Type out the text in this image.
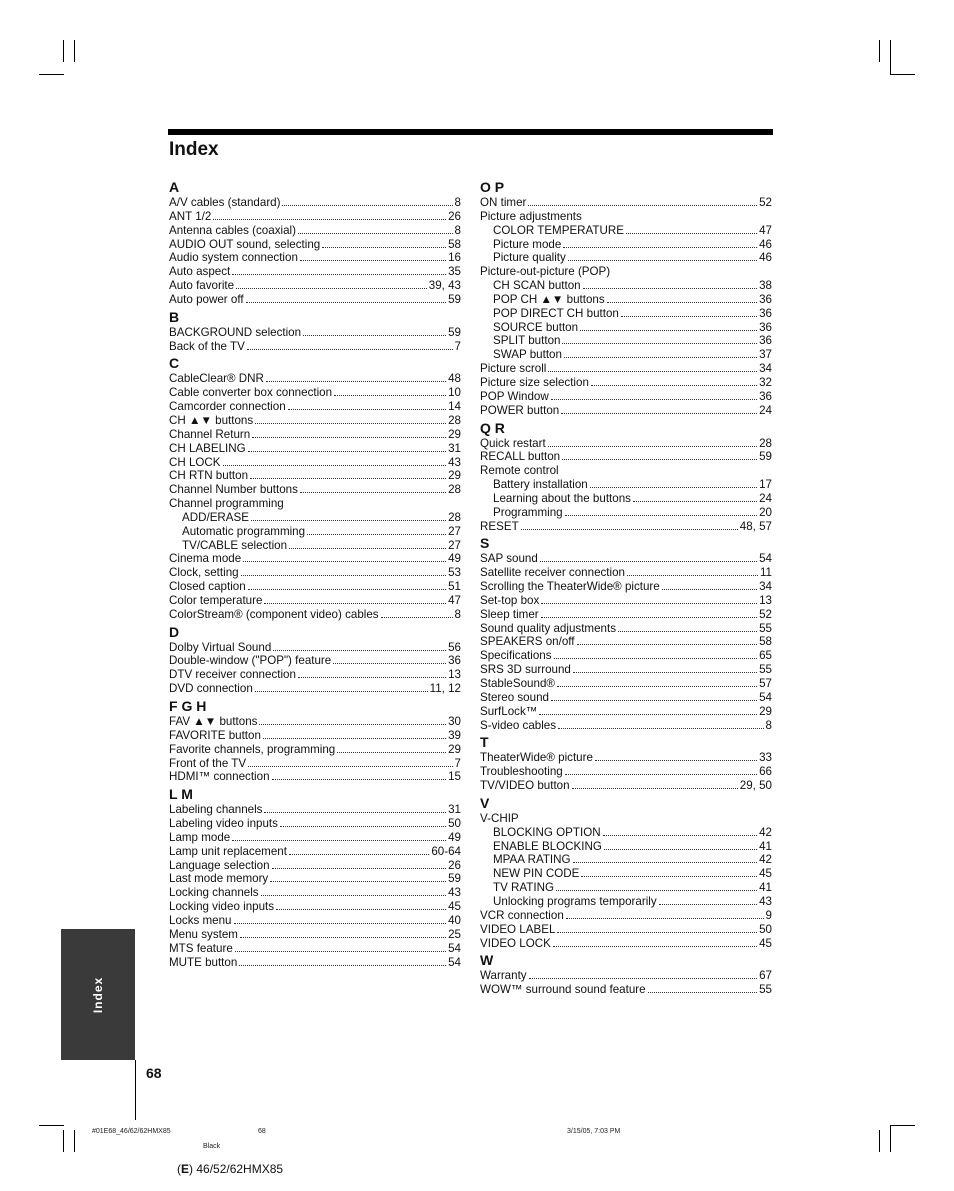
Index
A
A/V cables (standard)	8
ANT 1/2	26
Antenna cables (coaxial)	8
AUDIO OUT sound, selecting	58
Audio system connection	16
Auto aspect	35
Auto favorite	39, 43
Auto power off	59
B
BACKGROUND selection	59
Back of the TV	7
C
CableClear® DNR	48
Cable converter box connection	10
Camcorder connection	14
CH ▲▼ buttons	28
Channel Return	29
CH LABELING	31
CH LOCK	43
CH RTN button	29
Channel Number buttons	28
Channel programming
ADD/ERASE	28
Automatic programming	27
TV/CABLE selection	27
Cinema mode	49
Clock, setting	53
Closed caption	51
Color temperature	47
ColorStream® (component video) cables	8
D
Dolby Virtual Sound	56
Double-window ("POP") feature	36
DTV receiver connection	13
DVD connection	11, 12
F G H
FAV ▲▼ buttons	30
FAVORITE button	39
Favorite channels, programming	29
Front of the TV	7
HDMI™ connection	15
L M
Labeling channels	31
Labeling video inputs	50
Lamp mode	49
Lamp unit replacement	60-64
Language selection	26
Last mode memory	59
Locking channels	43
Locking video inputs	45
Locks menu	40
Menu system	25
MTS feature	54
MUTE button	54
O P
ON timer	52
Picture adjustments
COLOR TEMPERATURE	47
Picture mode	46
Picture quality	46
Picture-out-picture (POP)
CH SCAN button	38
POP CH ▲▼ buttons	36
POP DIRECT CH button	36
SOURCE button	36
SPLIT button	36
SWAP button	37
Picture scroll	34
Picture size selection	32
POP Window	36
POWER button	24
Q R
Quick restart	28
RECALL button	59
Remote control
Battery installation	17
Learning about the buttons	24
Programming	20
RESET	48, 57
S
SAP sound	54
Satellite receiver connection	11
Scrolling the TheaterWide® picture	34
Set-top box	13
Sleep timer	52
Sound quality adjustments	55
SPEAKERS on/off	58
Specifications	65
SRS 3D surround	55
StableSound®	57
Stereo sound	54
SurfLock™	29
S-video cables	8
T
TheaterWide® picture	33
Troubleshooting	66
TV/VIDEO button	29, 50
V
V-CHIP
BLOCKING OPTION	42
ENABLE BLOCKING	41
MPAA RATING	42
NEW PIN CODE	45
TV RATING	41
Unlocking programs temporarily	43
VCR connection	9
VIDEO LABEL	50
VIDEO LOCK	45
W
Warranty	67
WOW™ surround sound feature	55
Index
68
#01E68_46/62/62HMX85	68	3/15/05, 7:03 PM
Black
(E) 46/52/62HMX85
